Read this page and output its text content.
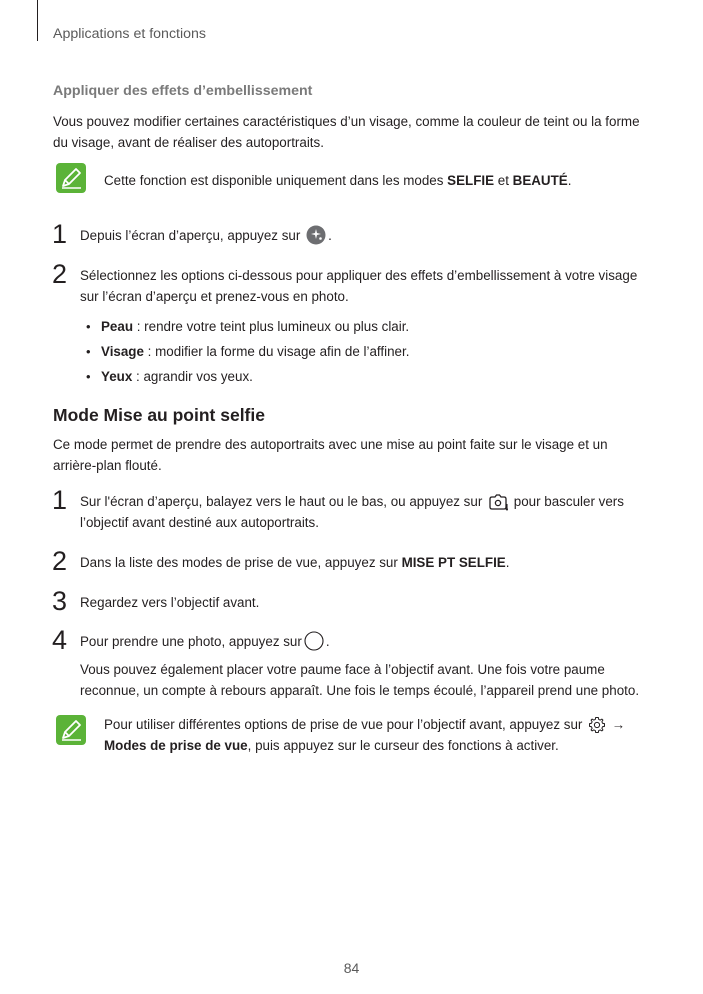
Applications et fonctions
Appliquer des effets d’embellissement
Vous pouvez modifier certaines caractéristiques d’un visage, comme la couleur de teint ou la forme
du visage, avant de réaliser des autoportraits.
Cette fonction est disponible uniquement dans les modes SELFIE et BEAUTÉ.
1 Depuis l’écran d’aperçu, appuyez sur .
2 Sélectionnez les options ci-dessous pour appliquer des effets d’embellissement à votre visage
sur l’écran d’aperçu et prenez-vous en photo.
• Peau : rendre votre teint plus lumineux ou plus clair.
• Visage : modifier la forme du visage afin de l’affiner.
• Yeux : agrandir vos yeux.
Mode Mise au point selfie
Ce mode permet de prendre des autoportraits avec une mise au point faite sur le visage et un
arrière-plan flouté.
1 Sur l'écran d’aperçu, balayez vers le haut ou le bas, ou appuyez sur pour basculer vers
l’objectif avant destiné aux autoportraits.
2 Dans la liste des modes de prise de vue, appuyez sur MISE PT SELFIE.
3 Regardez vers l’objectif avant.
4 Pour prendre une photo, appuyez sur .
Vous pouvez également placer votre paume face à l’objectif avant. Une fois votre paume
reconnue, un compte à rebours apparaît. Une fois le temps écoulé, l’appareil prend une photo.
Pour utiliser différentes options de prise de vue pour l’objectif avant, appuyez sur →
Modes de prise de vue, puis appuyez sur le curseur des fonctions à activer.
84
